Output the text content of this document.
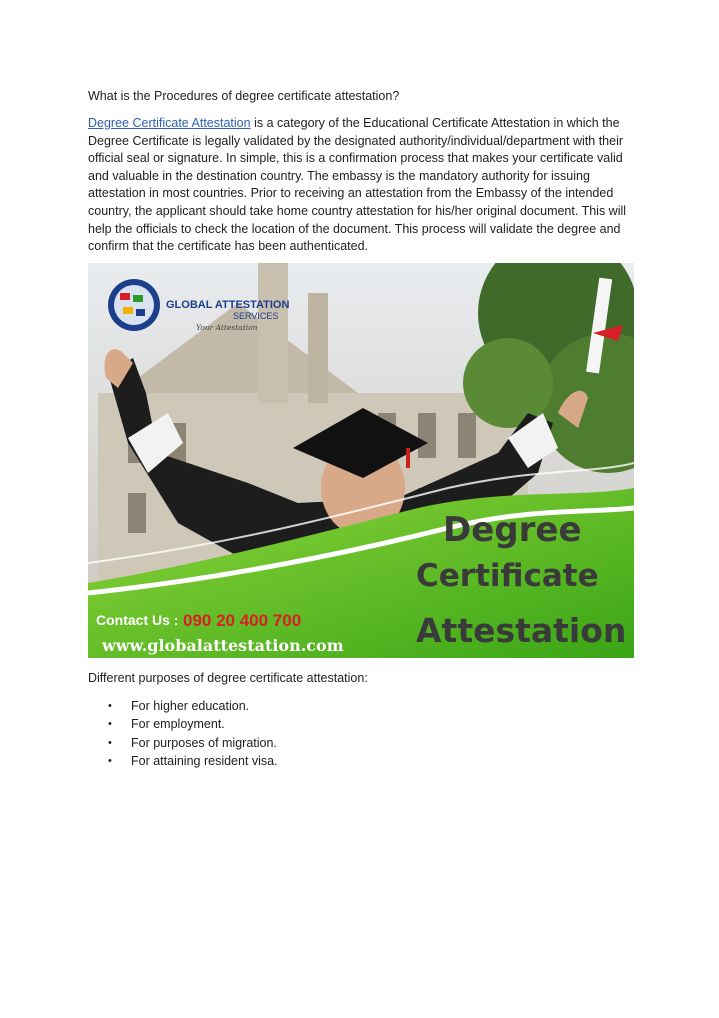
What is the Procedures of degree certificate attestation?

Degree Certificate Attestation is a category of the Educational Certificate Attestation in which the Degree Certificate is legally validated by the designated authority/individual/department with their official seal or signature. In simple, this is a confirmation process that makes your certificate valid and valuable in the destination country. The embassy is the mandatory authority for issuing attestation in most countries. Prior to receiving an attestation from the Embassy of the intended country, the applicant should take home country attestation for his/her original document. This will help the officials to check the location of the document. This process will validate the degree and confirm that the certificate has been authenticated.

GLOBAL ATTESTATION
SERVICES
Your Attestation
Degree
Certificate
Attestation
Contact Us : 090 20 400 700
www.globalattestation.com

Different purposes of degree certificate attestation:

• For higher education.
• For employment.
• For purposes of migration.
• For attaining resident visa.
